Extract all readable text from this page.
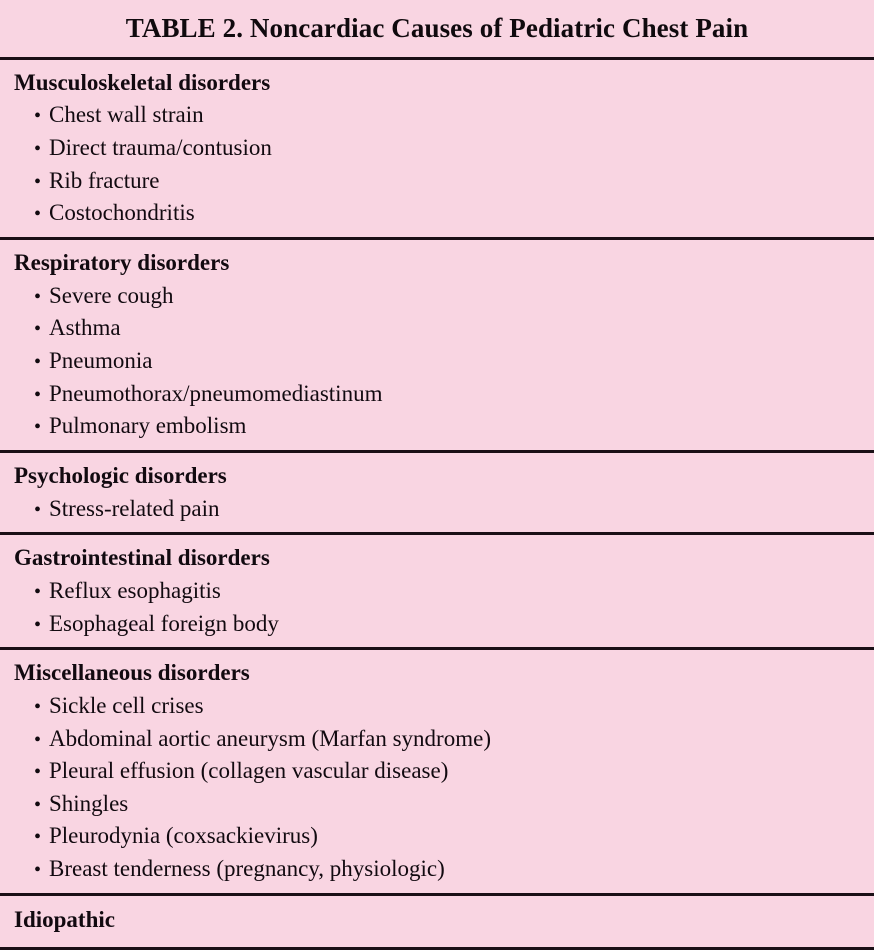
TABLE 2. Noncardiac Causes of Pediatric Chest Pain
Musculoskeletal disorders
• Chest wall strain
• Direct trauma/contusion
• Rib fracture
• Costochondritis
Respiratory disorders
• Severe cough
• Asthma
• Pneumonia
• Pneumothorax/pneumomediastinum
• Pulmonary embolism
Psychologic disorders
• Stress-related pain
Gastrointestinal disorders
• Reflux esophagitis
• Esophageal foreign body
Miscellaneous disorders
• Sickle cell crises
• Abdominal aortic aneurysm (Marfan syndrome)
• Pleural effusion (collagen vascular disease)
• Shingles
• Pleurodynia (coxsackievirus)
• Breast tenderness (pregnancy, physiologic)
Idiopathic
